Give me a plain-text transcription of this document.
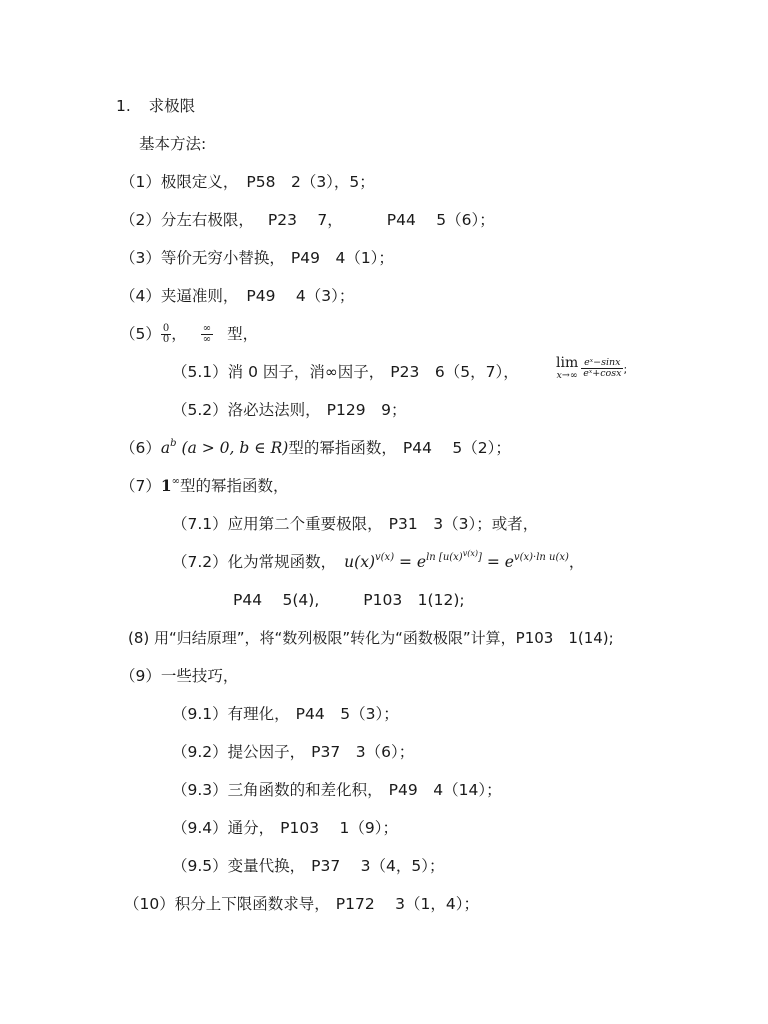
1. 求极限
基本方法:
（1）极限定义， P58　2（3），5；
（2）分左右极限， P23　 7，	P44　 5（6）；
（3）等价无穷小替换， P49　4（1）；
（4）夹逼准则， P49　 4（3）；
$(5) \frac{0}{0}$ ， $\frac{\infty}{\infty}$ 型，
（5.1）消 0 因子，消∞因子， P23　6（5，7），	lim
$x\to\infty \frac{\text{eˣ−sinx}}{\text{eˣ+cosx}}$ ;
（5.2）洛必达法则， P129　9；
$(6)a^b$ (a > 0, b ∈ R)型的幂指函数， P44　 5（2）；
（7）1∞型的幂指函数，
（7.1）应用第二个重要极限， P31　3（3）；或者，
（7.2）化为常规函数， $u(x)^{v(x)} = e^{ln [u(x)^{v(x)}]} = e^{v(x)\cdot ln u(x)}$，
P44　 5(4),	P103　1(12);
(8) 用“归结原理”，将“数列极限”转化为“函数极限”计算，P103　1(14);
（9）一些技巧，
（9.1）有理化， P44　5（3）；
（9.2）提公因子， P37　3（6）；
（9.3）三角函数的和差化积， P49　4（14）；
（9.4）通分， P103　 1（9）；
（9.5）变量代换， P37　 3（4，5）；
（10）积分上下限函数求导， P172　 3（1，4）；
